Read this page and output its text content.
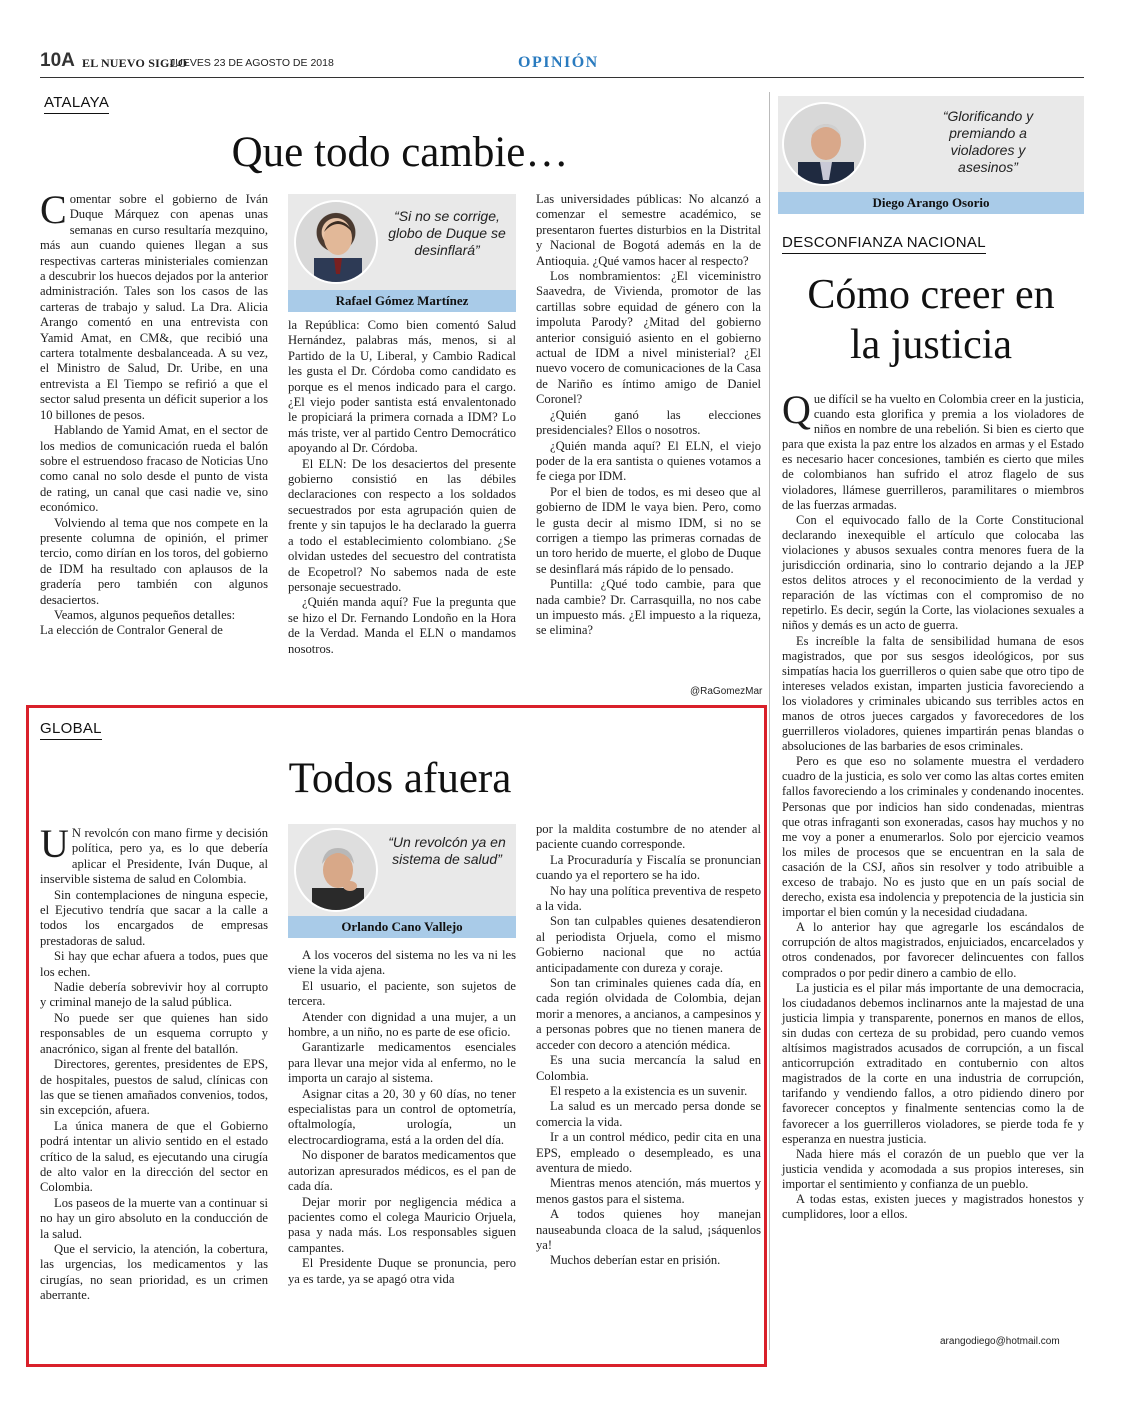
10A EL NUEVO SIGLO
JUEVES 23 DE AGOSTO DE 2018	OPINIÓN
ATALAYA
Que todo cambie…

Comentar sobre el gobierno de Iván Duque Márquez con apenas unas semanas en curso resultaría mezquino, más aun cuando quienes llegan a sus respectivas carteras ministeriales comienzan a descubrir los huecos dejados por la anterior administración. Tales son los casos de las carteras de trabajo y salud. La Dra. Alicia Arango comentó en una entrevista con Yamid Amat, en CM&, que recibió una cartera totalmente desbalanceada. A su vez, el Ministro de Salud, Dr. Uribe, en una entrevista a El Tiempo se refirió a que el sector salud presenta un déficit superior a los 10 billones de pesos.

Hablando de Yamid Amat, en el sector de los medios de comunicación rueda el balón sobre el estruendoso fracaso de Noticias Uno como canal no solo desde el punto de vista de rating, un canal que casi nadie ve, sino económico.

Volviendo al tema que nos compete en la presente columna de opinión, el primer tercio, como dirían en los toros, del gobierno de IDM ha resultado con aplausos de la gradería pero también con algunos desaciertos.

Veamos, algunos pequeños detalles:

La elección de Contralor General de

“Si no se corrige, globo de Duque se desinflará”
Rafael Gómez Martínez

la República: Como bien comentó Salud Hernández, palabras más, menos, si al Partido de la U, Liberal, y Cambio Radical les gusta el Dr. Córdoba como candidato es porque es el menos indicado para el cargo. ¿El viejo poder santista está envalentonado le propiciará la primera cornada a IDM? Lo más triste, ver al partido Centro Democrático apoyando al Dr. Córdoba.

El ELN: De los desaciertos del presente gobierno consistió en las débiles declaraciones con respecto a los soldados secuestrados por esta agrupación quien de frente y sin tapujos le ha declarado la guerra a todo el establecimiento colombiano. ¿Se olvidan ustedes del secuestro del contratista de Ecopetrol? No sabemos nada de este personaje secuestrado.

¿Quién manda aquí? Fue la pregunta que se hizo el Dr. Fernando Londoño en la Hora de la Verdad. Manda el ELN o mandamos nosotros.

Las universidades públicas: No alcanzó a comenzar el semestre académico, se presentaron fuertes disturbios en la Distrital y Nacional de Bogotá además en la de Antioquia. ¿Qué vamos hacer al respecto?

Los nombramientos: ¿El viceministro Saavedra, de Vivienda, promotor de las cartillas sobre equidad de género con la impoluta Parody? ¿Mitad del gobierno anterior consiguió asiento en el gobierno actual de IDM a nivel ministerial? ¿El nuevo vocero de comunicaciones de la Casa de Nariño es íntimo amigo de Daniel Coronel?

¿Quién ganó las elecciones presidenciales? Ellos o nosotros.

¿Quién manda aquí? El ELN, el viejo poder de la era santista o quienes votamos a fe ciega por IDM.

Por el bien de todos, es mi deseo que al gobierno de IDM le vaya bien. Pero, como le gusta decir al mismo IDM, si no se corrigen a tiempo las primeras cornadas de un toro herido de muerte, el globo de Duque se desinflará más rápido de lo pensado.

Puntilla: ¿Qué todo cambie, para que nada cambie? Dr. Carrasquilla, no nos cabe un impuesto más. ¿El impuesto a la riqueza, se elimina?

@RaGomezMar
“Glorificando y premiando a violadores y asesinos”
Diego Arango Osorio
DESCONFIANZA NACIONAL
Cómo creer en
la justicia

Que difícil se ha vuelto en Colombia creer en la justicia, cuando esta glorifica y premia a los violadores de niños en nombre de una rebelión. Si bien es cierto que para que exista la paz entre los alzados en armas y el Estado es necesario hacer concesiones, también es cierto que miles de colombianos han sufrido el atroz flagelo de sus violadores, llámese guerrilleros, paramilitares o miembros de las fuerzas armadas.

Con el equivocado fallo de la Corte Constitucional declarando inexequible el artículo que colocaba las violaciones y abusos sexuales contra menores fuera de la jurisdicción ordinaria, sino lo contrario dejando a la JEP estos delitos atroces y el reconocimiento de la verdad y reparación de las víctimas con el compromiso de no repetirlo. Es decir, según la Corte, las violaciones sexuales a niños y demás es un acto de guerra.

Es increíble la falta de sensibilidad humana de esos magistrados, que por sus sesgos ideológicos, por sus simpatías hacia los guerrilleros o quien sabe que otro tipo de intereses velados existan, imparten justicia favoreciendo a los violadores y criminales ubicando sus terribles actos en manos de otros jueces cargados y favorecedores de los guerrilleros violadores, quienes impartirán penas blandas o absoluciones de las barbaries de esos criminales.

Pero es que eso no solamente muestra el verdadero cuadro de la justicia, es solo ver como las altas cortes emiten fallos favoreciendo a los criminales y condenando inocentes. Personas que por indicios han sido condenadas, mientras que otras infraganti son exoneradas, casos hay muchos y no me voy a poner a enumerarlos. Solo por ejercicio veamos los miles de procesos que se encuentran en la sala de casación de la CSJ, años sin resolver y todo atribuible a exceso de trabajo. No es justo que en un país social de derecho, exista esa indolencia y prepotencia de la justicia sin importar el bien común y la necesidad ciudadana.

A lo anterior hay que agregarle los escándalos de corrupción de altos magistrados, enjuiciados, encarcelados y otros condenados, por favorecer delincuentes con fallos comprados o por pedir dinero a cambio de ello.

La justicia es el pilar más importante de una democracia, los ciudadanos debemos inclinarnos ante la majestad de una justicia limpia y transparente, ponernos en manos de ellos, sin dudas con certeza de su probidad, pero cuando vemos altísimos magistrados acusados de corrupción, a un fiscal anticorrupción extraditado en contubernio con altos magistrados de la corte en una industria de corrupción, tarifando y vendiendo fallos, a otro pidiendo dinero por favorecer conceptos y finalmente sentencias como la de favorecer a los guerrilleros violadores, se pierde toda fe y esperanza en nuestra justicia.

Nada hiere más el corazón de un pueblo que ver la justicia vendida y acomodada a sus propios intereses, sin importar el sentimiento y confianza de un pueblo.

A todas estas, existen jueces y magistrados honestos y cumplidores, loor a ellos.

arangodiego@hotmail.com
GLOBAL
Todos afuera

U N revolcón con mano firme y decisión política, pero ya, es lo que debería aplicar el Presidente, Iván Duque, al inservible sistema de salud en Colombia.

Sin contemplaciones de ninguna especie, el Ejecutivo tendría que sacar a la calle a todos los encargados de empresas prestadoras de salud.

Si hay que echar afuera a todos, pues que los echen.

Nadie debería sobrevivir hoy al corrupto y criminal manejo de la salud pública.

No puede ser que quienes han sido responsables de un esquema corrupto y anacrónico, sigan al frente del batallón.

Directores, gerentes, presidentes de EPS, de hospitales, puestos de salud, clínicas con las que se tienen amañados convenios, todos, sin excepción, afuera.

La única manera de que el Gobierno podrá intentar un alivio sentido en el estado crítico de la salud, es ejecutando una cirugía de alto valor en la dirección del sector en Colombia.

Los paseos de la muerte van a continuar si no hay un giro absoluto en la conducción de la salud.

Que el servicio, la atención, la cobertura, las urgencias, los medicamentos y las cirugías, no sean prioridad, es un crimen aberrante.

“Un revolcón ya en sistema de salud”
Orlando Cano Vallejo

A los voceros del sistema no les va ni les viene la vida ajena.

El usuario, el paciente, son sujetos de tercera.

Atender con dignidad a una mujer, a un hombre, a un niño, no es parte de ese oficio.

Garantizarle medicamentos esenciales para llevar una mejor vida al enfermo, no le importa un carajo al sistema.

Asignar citas a 20, 30 y 60 días, no tener especialistas para un control de optometría, oftalmología, urología, un electrocardiograma, está a la orden del día.

No disponer de baratos medicamentos que autorizan apresurados médicos, es el pan de cada día.

Dejar morir por negligencia médica a pacientes como el colega Mauricio Orjuela, pasa y nada más. Los responsables siguen campantes.

El Presidente Duque se pronuncia, pero ya es tarde, ya se apagó otra vida

por la maldita costumbre de no atender al paciente cuando corresponde.

La Procuraduría y Fiscalía se pronuncian cuando ya el reportero se ha ido.

No hay una política preventiva de respeto a la vida.

Son tan culpables quienes desatendieron al periodista Orjuela, como el mismo Gobierno nacional que no actúa anticipadamente con dureza y coraje.

Son tan criminales quienes cada día, en cada región olvidada de Colombia, dejan morir a menores, a ancianos, a campesinos y a personas pobres que no tienen manera de acceder con decoro a atención médica.

Es una sucia mercancía la salud en Colombia.

El respeto a la existencia es un suvenir.

La salud es un mercado persa donde se comercia la vida.

Ir a un control médico, pedir cita en una EPS, empleado o desempleado, es una aventura de miedo.

Mientras menos atención, más muertos y menos gastos para el sistema.

A todos quienes hoy manejan nauseabunda cloaca de la salud, ¡sáquenlos ya!

Muchos deberían estar en prisión.
